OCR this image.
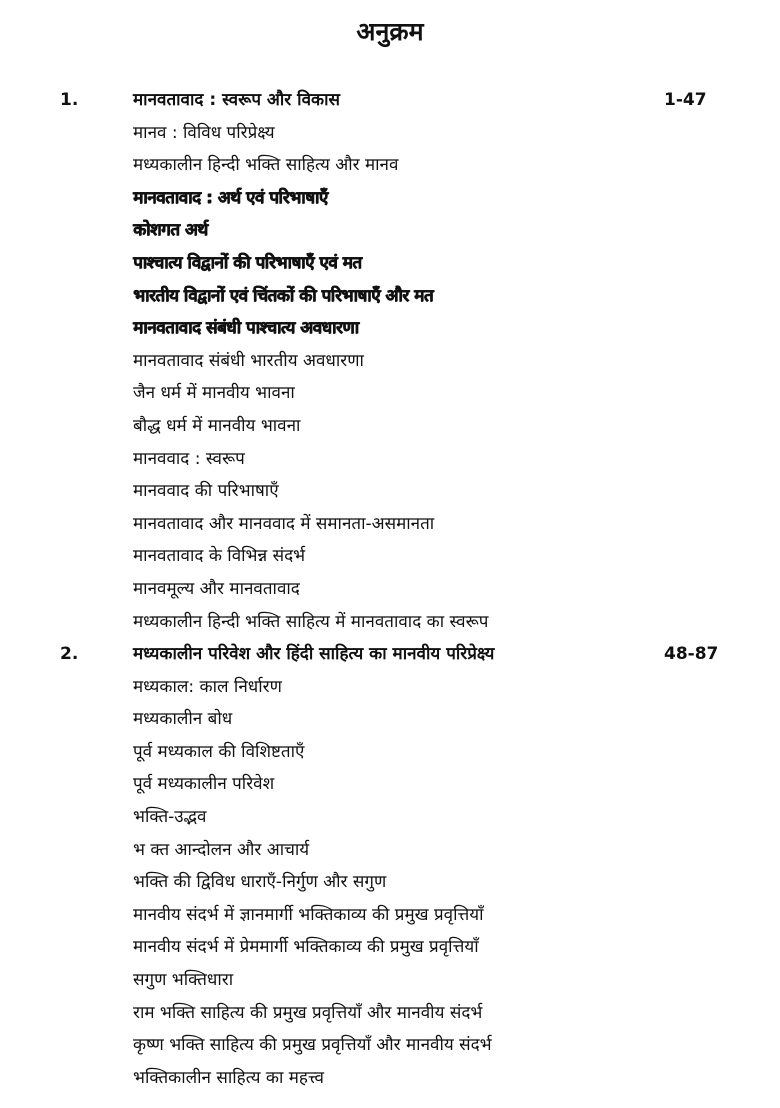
अनुक्रम
1.	मानवतावाद : स्वरूप और विकास	1-47
मानव : विविध परिप्रेक्ष्य
मध्यकालीन हिन्दी भक्ति साहित्य और मानव
मानवतावाद : अर्थ एवं परिभाषाएँ
कोशगत अर्थ
पाश्चात्य विद्वानों की परिभाषाएँ एवं मत
भारतीय विद्वानों एवं चिंतकों की परिभाषाएँ और मत
मानवतावाद संबंधी पाश्चात्य अवधारणा
मानवतावाद संबंधी भारतीय अवधारणा
जैन धर्म में मानवीय भावना
बौद्ध धर्म में मानवीय भावना
मानववाद : स्वरूप
मानववाद की परिभाषाएँ
मानवतावाद और मानववाद में समानता-असमानता
मानवतावाद के विभिन्न संदर्भ
मानवमूल्य और मानवतावाद
मध्यकालीन हिन्दी भक्ति साहित्य में मानवतावाद का स्वरूप
2.	मध्यकालीन परिवेश और हिंदी साहित्य का मानवीय परिप्रेक्ष्य	48-87
मध्यकाल: काल निर्धारण
मध्यकालीन बोध
पूर्व मध्यकाल की विशिष्टताएँ
पूर्व मध्यकालीन परिवेश
भक्ति-उद्भव
भ क्त आन्दोलन और आचार्य
भक्ति की द्विविध धाराएँ-निर्गुण और सगुण
मानवीय संदर्भ में ज्ञानमार्गी भक्तिकाव्य की प्रमुख प्रवृत्तियाँ
मानवीय संदर्भ में प्रेममार्गी भक्तिकाव्य की प्रमुख प्रवृत्तियाँ
सगुण भक्तिधारा
राम भक्ति साहित्य की प्रमुख प्रवृत्तियाँ और मानवीय संदर्भ
कृष्ण भक्ति साहित्य की प्रमुख प्रवृत्तियाँ और मानवीय संदर्भ
भक्तिकालीन साहित्य का महत्त्व
